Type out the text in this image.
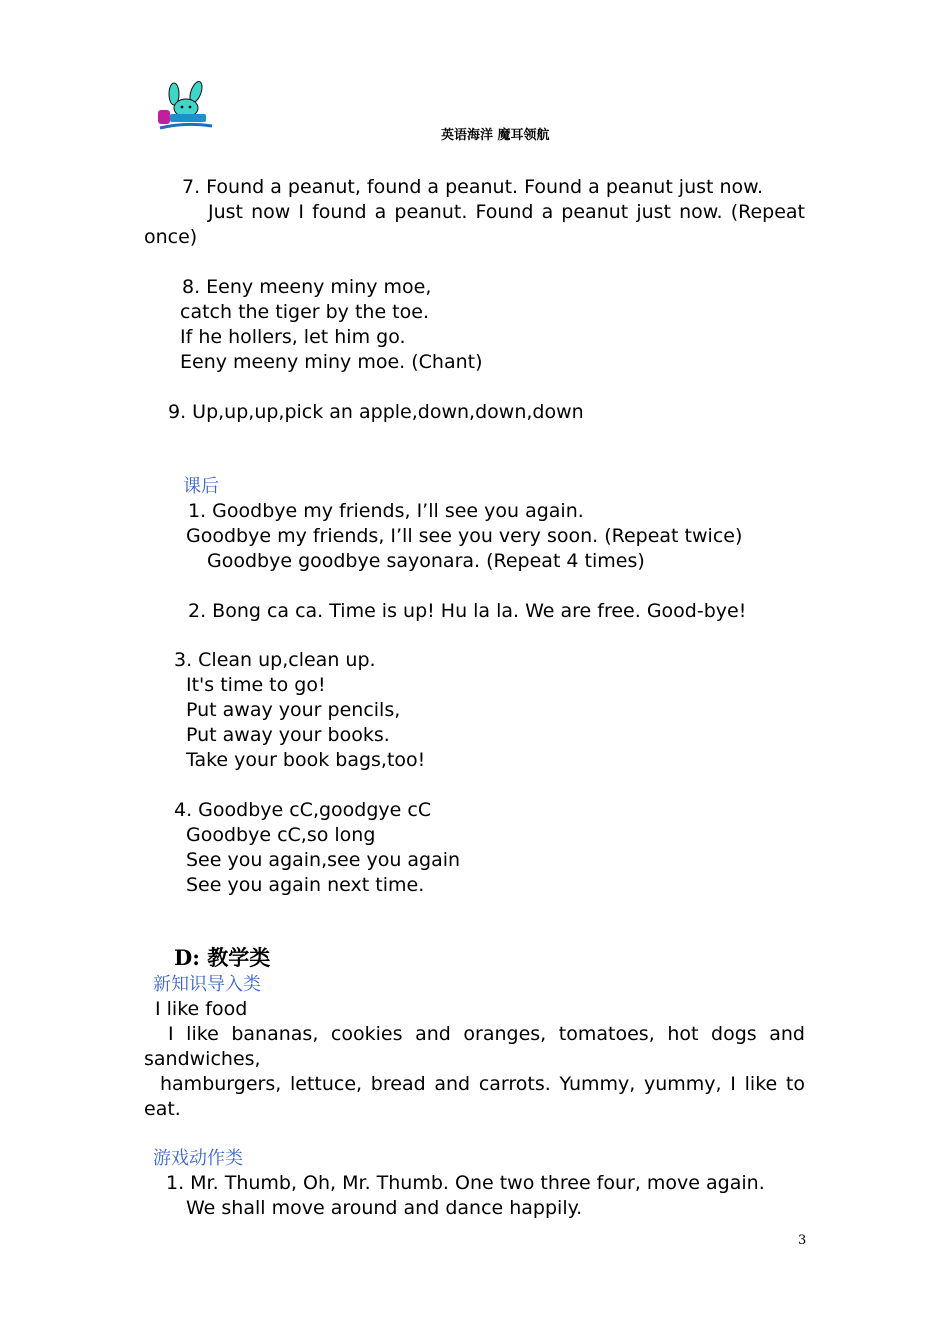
英语海洋 魔耳领航
7. Found a peanut, found a peanut. Found a peanut just now.
Just now I found a peanut. Found a peanut just now. (Repeat once)
8. Eeny meeny miny moe,
catch the tiger by the toe.
If he hollers, let him go.
Eeny meeny miny moe. (Chant)
9. Up,up,up,pick an apple,down,down,down
课后
1. Goodbye my friends, I’ll see you again.
Goodbye my friends, I’ll see you very soon. (Repeat twice)
Goodbye goodbye sayonara. (Repeat 4 times)
2. Bong ca ca. Time is up! Hu la la. We are free. Good-bye!
3. Clean up,clean up.
It's time to go!
Put away your pencils,
Put away your books.
Take your book bags,too!
4. Goodbye cC,goodgye cC
Goodbye cC,so long
See you again,see you again
See you again next time.
D: 教学类
新知识导入类
I like food
I like bananas, cookies and oranges, tomatoes, hot dogs and sandwiches,
hamburgers, lettuce, bread and carrots. Yummy, yummy, I like to eat.
游戏动作类
1. Mr. Thumb, Oh, Mr. Thumb. One two three four, move again.
We shall move around and dance happily.
3
